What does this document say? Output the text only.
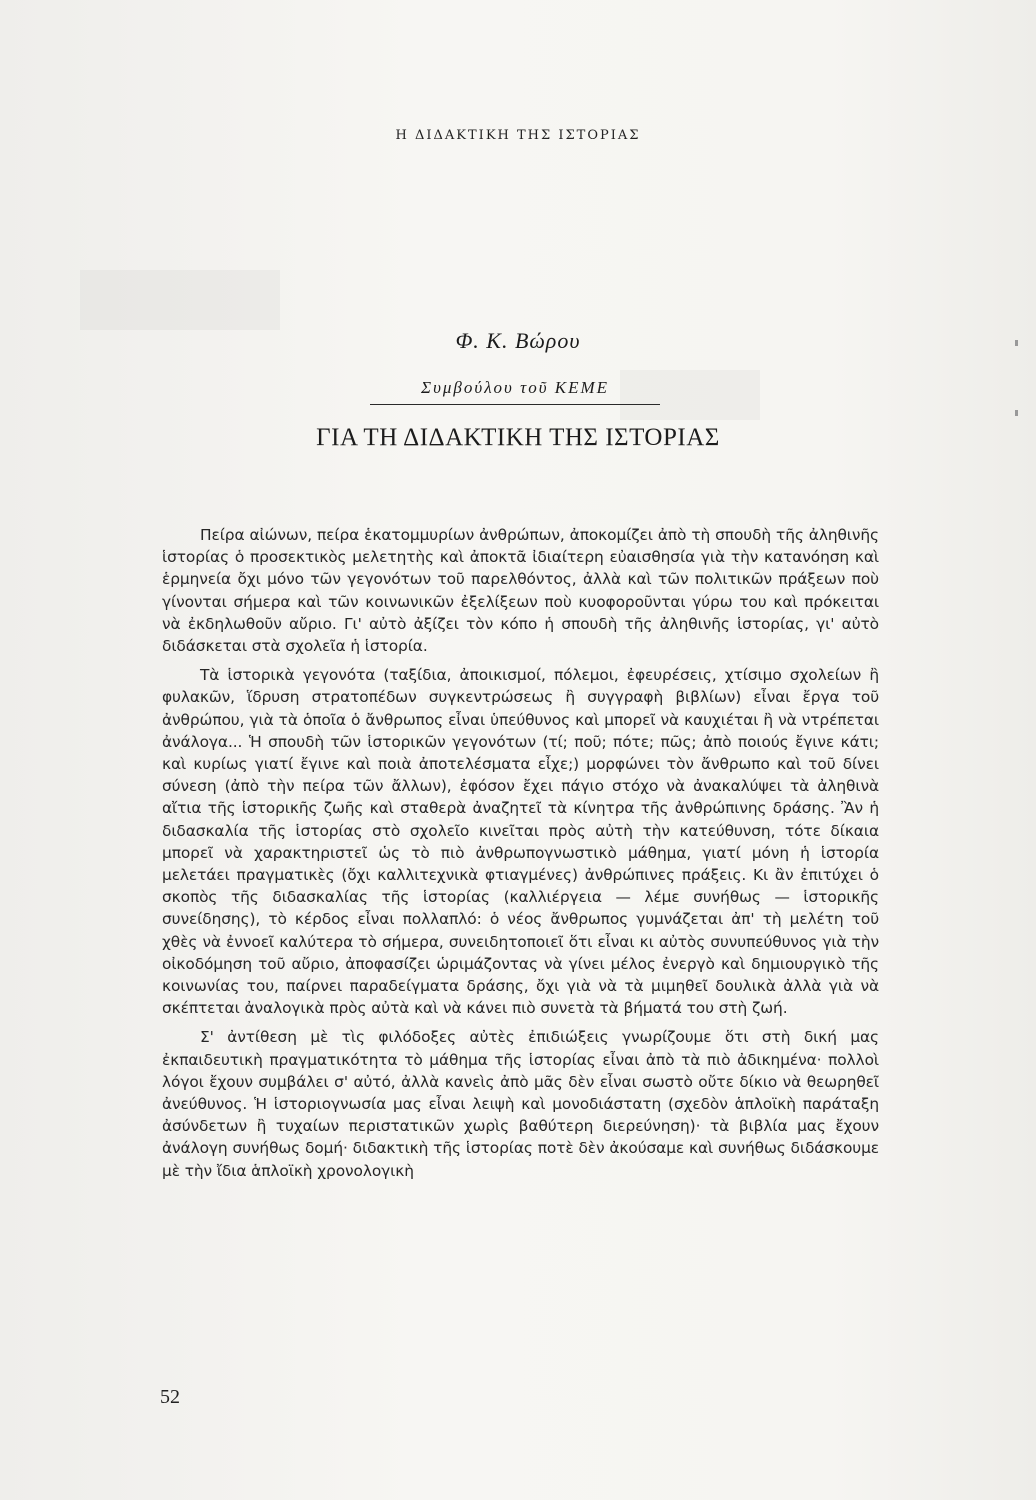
Η ΔΙΔΑΚΤΙΚΗ ΤΗΣ ΙΣΤΟΡΙΑΣ
Φ. Κ. Βώρου
Συμβούλου τοῦ ΚΕΜΕ
ΓΙΑ ΤΗ ΔΙΔΑΚΤΙΚΗ ΤΗΣ ΙΣΤΟΡΙΑΣ

Πείρα αἰώνων, πείρα ἑκατομμυρίων ἀνθρώπων, ἀποκομίζει ἀπὸ τὴ σπουδὴ τῆς ἀληθινῆς ἱστορίας ὁ προσεκτικὸς μελετητὴς καὶ ἀποκτᾶ ἰδιαίτερη εὐαισθησία γιὰ τὴν κατανόηση καὶ ἑρμηνεία ὄχι μόνο τῶν γεγονότων τοῦ παρελθόντος, ἀλλὰ καὶ τῶν πολιτικῶν πράξεων ποὺ γίνονται σήμερα καὶ τῶν κοινωνικῶν ἐξελίξεων ποὺ κυοφοροῦνται γύρω του καὶ πρόκειται νὰ ἐκδηλωθοῦν αὔριο. Γι' αὐτὸ ἀξίζει τὸν κόπο ἡ σπουδὴ τῆς ἀληθινῆς ἱστορίας, γι' αὐτὸ διδάσκεται στὰ σχολεῖα ἡ ἱστορία.

Τὰ ἱστορικὰ γεγονότα (ταξίδια, ἀποικισμοί, πόλεμοι, ἐφευρέσεις, χτίσιμο σχολείων ἢ φυλακῶν, ἵδρυση στρατοπέδων συγκεντρώσεως ἢ συγγραφὴ βιβλίων) εἶναι ἔργα τοῦ ἀνθρώπου, γιὰ τὰ ὁποῖα ὁ ἄνθρωπος εἶναι ὑπεύθυνος καὶ μπορεῖ νὰ καυχιέται ἢ νὰ ντρέπεται ἀνάλογα... Ἡ σπουδὴ τῶν ἱστορικῶν γεγονότων (τί; ποῦ; πότε; πῶς; ἀπὸ ποιούς ἔγινε κάτι; καὶ κυρίως γιατί ἔγινε καὶ ποιὰ ἀποτελέσματα εἶχε;) μορφώνει τὸν ἄνθρωπο καὶ τοῦ δίνει σύνεση (ἀπὸ τὴν πείρα τῶν ἄλλων), ἐφόσον ἔχει πάγιο στόχο νὰ ἀνακαλύψει τὰ ἀληθινὰ αἴτια τῆς ἱστορικῆς ζωῆς καὶ σταθερὰ ἀναζητεῖ τὰ κίνητρα τῆς ἀνθρώπινης δράσης. Ἂν ἡ διδασκαλία τῆς ἱστορίας στὸ σχολεῖο κινεῖται πρὸς αὐτὴ τὴν κατεύθυνση, τότε δίκαια μπορεῖ νὰ χαρακτηριστεῖ ὡς τὸ πιὸ ἀνθρωπογνωστικὸ μάθημα, γιατί μόνη ἡ ἱστορία μελετάει πραγματικὲς (ὄχι καλλιτεχνικὰ φτιαγμένες) ἀνθρώπινες πράξεις. Κι ἂν ἐπιτύχει ὁ σκοπὸς τῆς διδασκαλίας τῆς ἱστορίας (καλλιέργεια — λέμε συνήθως — ἱστορικῆς συνείδησης), τὸ κέρδος εἶναι πολλαπλό: ὁ νέος ἄνθρωπος γυμνάζεται ἀπ' τὴ μελέτη τοῦ χθὲς νὰ ἐννοεῖ καλύτερα τὸ σήμερα, συνειδητοποιεῖ ὅτι εἶναι κι αὐτὸς συνυπεύθυνος γιὰ τὴν οἰκοδόμηση τοῦ αὔριο, ἀποφασίζει ὡριμάζοντας νὰ γίνει μέλος ἐνεργὸ καὶ δημιουργικὸ τῆς κοινωνίας του, παίρνει παραδείγματα δράσης, ὄχι γιὰ νὰ τὰ μιμηθεῖ δουλικὰ ἀλλὰ γιὰ νὰ σκέπτεται ἀναλογικὰ πρὸς αὐτὰ καὶ νὰ κάνει πιὸ συνετὰ τὰ βήματά του στὴ ζωή.

Σ' ἀντίθεση μὲ τὶς φιλόδοξες αὐτὲς ἐπιδιώξεις γνωρίζουμε ὅτι στὴ δική μας ἐκπαιδευτικὴ πραγματικότητα τὸ μάθημα τῆς ἱστορίας εἶναι ἀπὸ τὰ πιὸ ἀδικημένα· πολλοὶ λόγοι ἔχουν συμβάλει σ' αὐτό, ἀλλὰ κανεὶς ἀπὸ μᾶς δὲν εἶναι σωστὸ οὔτε δίκιο νὰ θεωρηθεῖ ἀνεύθυνος. Ἡ ἱστοριογνωσία μας εἶναι λειψὴ καὶ μονοδιάστατη (σχεδὸν ἁπλοϊκὴ παράταξη ἀσύνδετων ἢ τυχαίων περιστατικῶν χωρὶς βαθύτερη διερεύνηση)· τὰ βιβλία μας ἔχουν ἀνάλογη συνήθως δομή· διδακτικὴ τῆς ἱστορίας ποτὲ δὲν ἀκούσαμε καὶ συνήθως διδάσκουμε μὲ τὴν ἴδια ἁπλοϊκὴ χρονολογικὴ

52
